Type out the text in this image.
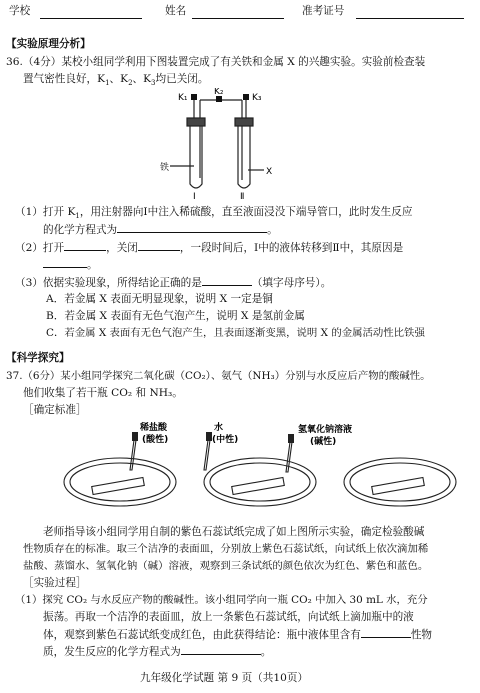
学校	姓名	准考证号
【实验原理分析】
36.（4分）某校小组同学利用下图装置完成了有关铁和金属 X 的兴趣实验。实验前检查装
置气密性良好，$K_1$、$K_2$、$K_3$均已关闭。
K₁
K₂
K₃
铁	X
Ⅰ	Ⅱ
（1）打开 $K_1$，用注射器向Ⅰ中注入稀硫酸，直至液面浸没下端导管口，此时发生反应
的化学方程式为	。
（2）打开	，关闭	，一段时间后，Ⅰ中的液体转移到Ⅱ中，其原因是
。
（3）依据实验现象，所得结论正确的是	（填字母序号）。
A．若金属 X 表面无明显现象，说明 X 一定是铜
B．若金属 X 表面有无色气泡产生，说明 X 是氢前金属
C．若金属 X 表面有无色气泡产生，且表面逐渐变黑，说明 X 的金属活动性比铁强
【科学探究】
37.（6分）某小组同学探究二氧化碳（CO₂）、氨气（NH₃）分别与水反应后产物的酸碱性。
他们收集了若干瓶 CO₂ 和 NH₃。
［确定标准］
稀盐酸
(酸性)
水
(中性)
氢氧化钠溶液
(碱性)
老师指导该小组同学用自制的紫色石蕊试纸完成了如上图所示实验，确定检验酸碱
性物质存在的标准。取三个洁净的表面皿，分别放上紫色石蕊试纸，向试纸上依次滴加稀
盐酸、蒸馏水、氢氧化钠（碱）溶液，观察到三条试纸的颜色依次为红色、紫色和蓝色。
［实验过程］
（1）探究 CO₂ 与水反应产物的酸碱性。该小组同学向一瓶 CO₂ 中加入 30 mL 水，充分
振荡。再取一个洁净的表面皿，放上一条紫色石蕊试纸，向试纸上滴加瓶中的液
体，观察到紫色石蕊试纸变成红色，由此获得结论：瓶中液体里含有	性物
质，发生反应的化学方程式为	。
九年级化学试题 第 9 页（共10页）
